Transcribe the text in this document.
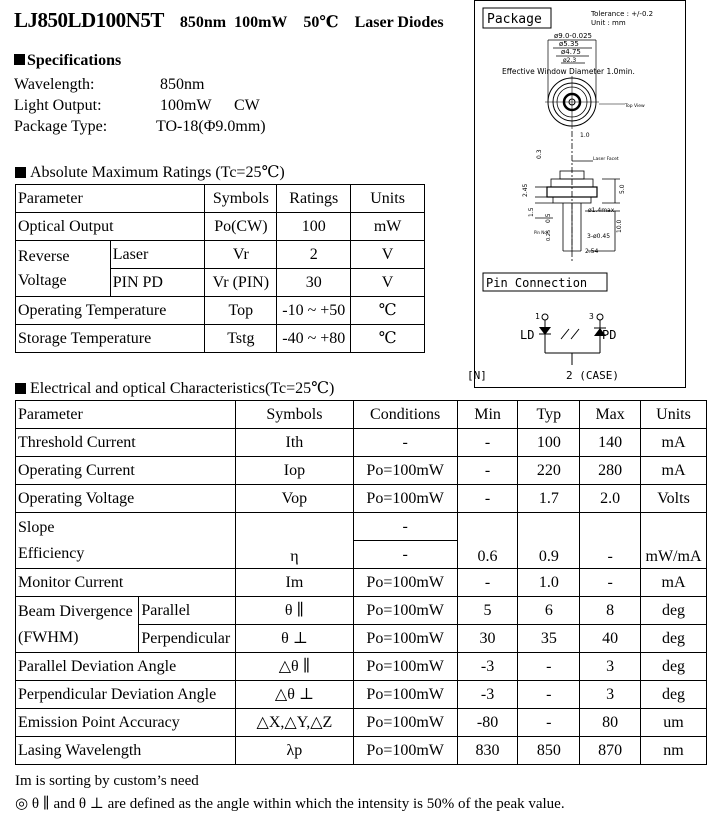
LJ850LD100N5T 850nm 100mW 50℃ Laser Diodes
Specifications
Wavelength:	850nm
Light Output:	100mW CW
Package Type:	TO-18(Φ9.0mm)
Absolute Maximum Ratings (Tc=25℃)
Parameter		Symbols	Ratings	Units
Optical Output		Po(CW)	100	mW

Reverse
Voltage	Laser	Vr	2	V
	PIN PD	Vr (PIN)	30	V
Operating Temperature		Top	-10 ~ +50	℃
Storage Temperature		Tstg	-40 ~ +80	℃
Electrical and optical Characteristics(Tc=25℃)
Parameter		Symbols	Conditions	Min	Typ	Max	Units
Threshold Current		Ith	-	-	100	140	mA
Operating Current		Iop	Po=100mW	-	220	280	mA
Operating Voltage		Vop	Po=100mW	-	1.7	2.0	Volts

Slope
Efficiency		η	-	0.6	0.9	-	mW/mA
			-				
Monitor Current		Im	Po=100mW	-	1.0	-	mA

Beam Divergence
(FWHM)	Parallel	θ ∥	Po=100mW	5	6	8	deg
	Perpendicular	θ ⊥	Po=100mW	30	35	40	deg
Parallel Deviation Angle		△θ ∥	Po=100mW	-3	-	3	deg
Perpendicular Deviation Angle		△θ ⊥	Po=100mW	-3	-	3	deg
Emission Point Accuracy		△X,△Y,△Z	Po=100mW	-80	-	80	um
Lasing Wavelength		λp	Po=100mW	830	850	870	nm
Im is sorting by custom’s need
◎ θ ∥ and θ ⊥ are defined as the angle within which the intensity is 50% of the peak value.
Package	Tolerance : +/-0.2
Unit : mm
ø9.0-0.025
ø5.35
ø4.75
ø2.3
Effective Window Diameter 1.0min.
Top View
1.0
0.3
Laser Facet
2.45	5.0
1.5
0.5
ø1.4max
0.25
10.0
3-ø0.45
2.54
Pin Nos
Pin Connection
1	3
LD	PD
2 (CASE)
[N]
